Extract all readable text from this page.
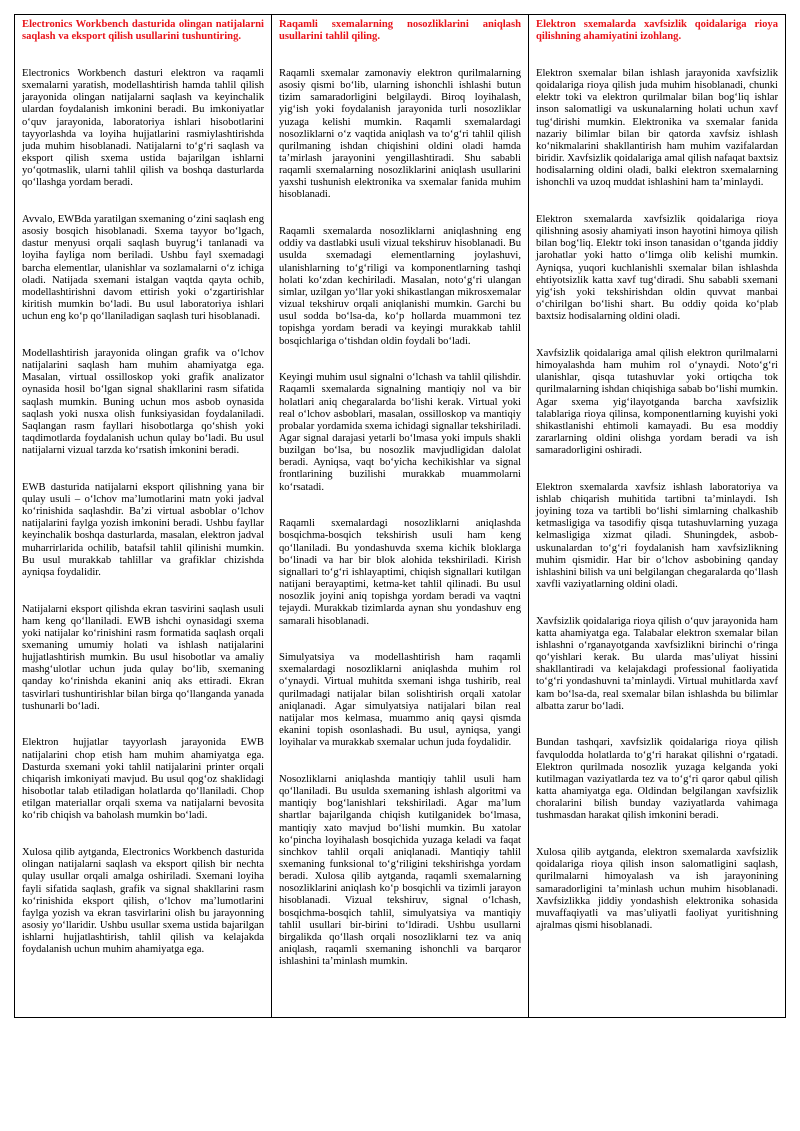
Electronics Workbench dasturida olingan natijalarni saqlash va eksport qilish usullarini tushuntiring.

Electronics Workbench dasturi elektron va raqamli sxemalarni yaratish, modellashtirish hamda tahlil qilish jarayonida olingan natijalarni saqlash va keyinchalik ulardan foydalanish imkonini beradi. Bu imkoniyatlar o‘quv jarayonida, laboratoriya ishlari hisobotlarini tayyorlashda va loyiha hujjatlarini rasmiylashtirishda juda muhim hisoblanadi. Natijalarni to‘g‘ri saqlash va eksport qilish sxema ustida bajarilgan ishlarni yo‘qotmaslik, ularni tahlil qilish va boshqa dasturlarda qo‘llashga yordam beradi.

Avvalo, EWBda yaratilgan sxemaning o‘zini saqlash eng asosiy bosqich hisoblanadi. Sxema tayyor bo‘lgach, dastur menyusi orqali saqlash buyrug‘i tanlanadi va loyiha fayliga nom beriladi. Ushbu fayl sxemadagi barcha elementlar, ulanishlar va sozlamalarni o‘z ichiga oladi. Natijada sxemani istalgan vaqtda qayta ochib, modellashtirishni davom ettirish yoki o‘zgartirishlar kiritish mumkin bo‘ladi. Bu usul laboratoriya ishlari uchun eng ko‘p qo‘llaniladigan saqlash turi hisoblanadi.

Modellashtirish jarayonida olingan grafik va o‘lchov natijalarini saqlash ham muhim ahamiyatga ega. Masalan, virtual ossilloskop yoki grafik analizator oynasida hosil bo‘lgan signal shakllarini rasm sifatida saqlash mumkin. Buning uchun mos asbob oynasida saqlash yoki nusxa olish funksiyasidan foydalaniladi. Saqlangan rasm fayllari hisobotlarga qo‘shish yoki taqdimotlarda foydalanish uchun qulay bo‘ladi. Bu usul natijalarni vizual tarzda ko‘rsatish imkonini beradi.

EWB dasturida natijalarni eksport qilishning yana bir qulay usuli – o‘lchov ma’lumotlarini matn yoki jadval ko‘rinishida saqlashdir. Ba’zi virtual asboblar o‘lchov natijalarini faylga yozish imkonini beradi. Ushbu fayllar keyinchalik boshqa dasturlarda, masalan, elektron jadval muharrirlarida ochilib, batafsil tahlil qilinishi mumkin. Bu usul murakkab tahlillar va grafiklar chizishda ayniqsa foydalidir.

Natijalarni eksport qilishda ekran tasvirini saqlash usuli ham keng qo‘llaniladi. EWB ishchi oynasidagi sxema yoki natijalar ko‘rinishini rasm formatida saqlash orqali sxemaning umumiy holati va ishlash natijalarini hujjatlashtirish mumkin. Bu usul hisobotlar va amaliy mashg‘ulotlar uchun juda qulay bo‘lib, sxemaning qanday ko‘rinishda ekanini aniq aks ettiradi. Ekran tasvirlari tushuntirishlar bilan birga qo‘llanganda yanada tushunarli bo‘ladi.

Elektron hujjatlar tayyorlash jarayonida EWB natijalarini chop etish ham muhim ahamiyatga ega. Dasturda sxemani yoki tahlil natijalarini printer orqali chiqarish imkoniyati mavjud. Bu usul qog‘oz shaklidagi hisobotlar talab etiladigan holatlarda qo‘llaniladi. Chop etilgan materiallar orqali sxema va natijalarni bevosita ko‘rib chiqish va baholash mumkin bo‘ladi.

Xulosa qilib aytganda, Electronics Workbench dasturida olingan natijalarni saqlash va eksport qilish bir nechta qulay usullar orqali amalga oshiriladi. Sxemani loyiha fayli sifatida saqlash, grafik va signal shakllarini rasm ko‘rinishida eksport qilish, o‘lchov ma’lumotlarini faylga yozish va ekran tasvirlarini olish bu jarayonning asosiy yo‘llaridir. Ushbu usullar sxema ustida bajarilgan ishlarni hujjatlashtirish, tahlil qilish va kelajakda foydalanish uchun muhim ahamiyatga ega.

Raqamli sxemalarning nosozliklarini aniqlash usullarini tahlil qiling.

Raqamli sxemalar zamonaviy elektron qurilmalarning asosiy qismi bo‘lib, ularning ishonchli ishlashi butun tizim samaradorligini belgilaydi. Biroq loyihalash, yig‘ish yoki foydalanish jarayonida turli nosozliklar yuzaga kelishi mumkin. Raqamli sxemalardagi nosozliklarni o‘z vaqtida aniqlash va to‘g‘ri tahlil qilish qurilmaning ishdan chiqishini oldini oladi hamda ta’mirlash jarayonini yengillashtiradi. Shu sababli raqamli sxemalarning nosozliklarini aniqlash usullarini yaxshi tushunish elektronika va sxemalar fanida muhim hisoblanadi.

Raqamli sxemalarda nosozliklarni aniqlashning eng oddiy va dastlabki usuli vizual tekshiruv hisoblanadi. Bu usulda sxemadagi elementlarning joylashuvi, ulanishlarning to‘g‘riligi va komponentlarning tashqi holati ko‘zdan kechiriladi. Masalan, noto‘g‘ri ulangan simlar, uzilgan yo‘llar yoki shikastlangan mikrosxemalar vizual tekshiruv orqali aniqlanishi mumkin. Garchi bu usul sodda bo‘lsa-da, ko‘p hollarda muammoni tez topishga yordam beradi va keyingi murakkab tahlil bosqichlariga o‘tishdan oldin foydali bo‘ladi.

Keyingi muhim usul signalni o‘lchash va tahlil qilishdir. Raqamli sxemalarda signalning mantiqiy nol va bir holatlari aniq chegaralarda bo‘lishi kerak. Virtual yoki real o‘lchov asboblari, masalan, ossilloskop va mantiqiy probalar yordamida sxema ichidagi signallar tekshiriladi. Agar signal darajasi yetarli bo‘lmasa yoki impuls shakli buzilgan bo‘lsa, bu nosozlik mavjudligidan dalolat beradi. Ayniqsa, vaqt bo‘yicha kechikishlar va signal frontlarining buzilishi murakkab muammolarni ko‘rsatadi.

Raqamli sxemalardagi nosozliklarni aniqlashda bosqichma-bosqich tekshirish usuli ham keng qo‘llaniladi. Bu yondashuvda sxema kichik bloklarga bo‘linadi va har bir blok alohida tekshiriladi. Kirish signallari to‘g‘ri ishlayaptimi, chiqish signallari kutilgan natijani berayaptimi, ketma-ket tahlil qilinadi. Bu usul nosozlik joyini aniq topishga yordam beradi va vaqtni tejaydi. Murakkab tizimlarda aynan shu yondashuv eng samarali hisoblanadi.

Simulyatsiya va modellashtirish ham raqamli sxemalardagi nosozliklarni aniqlashda muhim rol o‘ynaydi. Virtual muhitda sxemani ishga tushirib, real qurilmadagi natijalar bilan solishtirish orqali xatolar aniqlanadi. Agar simulyatsiya natijalari bilan real natijalar mos kelmasa, muammo aniq qaysi qismda ekanini topish osonlashadi. Bu usul, ayniqsa, yangi loyihalar va murakkab sxemalar uchun juda foydalidir.

Nosozliklarni aniqlashda mantiqiy tahlil usuli ham qo‘llaniladi. Bu usulda sxemaning ishlash algoritmi va mantiqiy bog‘lanishlari tekshiriladi. Agar ma’lum shartlar bajarilganda chiqish kutilganidek bo‘lmasa, mantiqiy xato mavjud bo‘lishi mumkin. Bu xatolar ko‘pincha loyihalash bosqichida yuzaga keladi va faqat sinchkov tahlil orqali aniqlanadi. Mantiqiy tahlil sxemaning funksional to‘g‘riligini tekshirishga yordam beradi. Xulosa qilib aytganda, raqamli sxemalarning nosozliklarini aniqlash ko‘p bosqichli va tizimli jarayon hisoblanadi. Vizual tekshiruv, signal o‘lchash, bosqichma-bosqich tahlil, simulyatsiya va mantiqiy tahlil usullari bir-birini to‘ldiradi. Ushbu usullarni birgalikda qo‘llash orqali nosozliklarni tez va aniq aniqlash, raqamli sxemaning ishonchli va barqaror ishlashini ta’minlash mumkin.

Elektron sxemalarda xavfsizlik qoidalariga rioya qilishning ahamiyatini izohlang.

Elektron sxemalar bilan ishlash jarayonida xavfsizlik qoidalariga rioya qilish juda muhim hisoblanadi, chunki elektr toki va elektron qurilmalar bilan bog‘liq ishlar inson salomatligi va uskunalarning holati uchun xavf tug‘dirishi mumkin. Elektronika va sxemalar fanida nazariy bilimlar bilan bir qatorda xavfsiz ishlash ko‘nikmalarini shakllantirish ham muhim vazifalardan biridir. Xavfsizlik qoidalariga amal qilish nafaqat baxtsiz hodisalarning oldini oladi, balki elektron sxemalarning ishonchli va uzoq muddat ishlashini ham ta’minlaydi.

Elektron sxemalarda xavfsizlik qoidalariga rioya qilishning asosiy ahamiyati inson hayotini himoya qilish bilan bog‘liq. Elektr toki inson tanasidan o‘tganda jiddiy jarohatlar yoki hatto o‘limga olib kelishi mumkin. Ayniqsa, yuqori kuchlanishli sxemalar bilan ishlashda ehtiyotsizlik katta xavf tug‘diradi. Shu sababli sxemani yig‘ish yoki tekshirishdan oldin quvvat manbai o‘chirilgan bo‘lishi shart. Bu oddiy qoida ko‘plab baxtsiz hodisalarning oldini oladi.

Xavfsizlik qoidalariga amal qilish elektron qurilmalarni himoyalashda ham muhim rol o‘ynaydi. Noto‘g‘ri ulanishlar, qisqa tutashuvlar yoki ortiqcha tok qurilmalarning ishdan chiqishiga sabab bo‘lishi mumkin. Agar sxema yig‘ilayotganda barcha xavfsizlik talablariga rioya qilinsa, komponentlarning kuyishi yoki shikastlanishi ehtimoli kamayadi. Bu esa moddiy zararlarning oldini olishga yordam beradi va ish samaradorligini oshiradi.

Elektron sxemalarda xavfsiz ishlash laboratoriya va ishlab chiqarish muhitida tartibni ta’minlaydi. Ish joyining toza va tartibli bo‘lishi simlarning chalkashib ketmasligiga va tasodifiy qisqa tutashuvlarning yuzaga kelmasligiga xizmat qiladi. Shuningdek, asbob-uskunalardan to‘g‘ri foydalanish ham xavfsizlikning muhim qismidir. Har bir o‘lchov asbobining qanday ishlashini bilish va uni belgilangan chegaralarda qo‘llash xavfli vaziyatlarning oldini oladi.

Xavfsizlik qoidalariga rioya qilish o‘quv jarayonida ham katta ahamiyatga ega. Talabalar elektron sxemalar bilan ishlashni o‘rganayotganda xavfsizlikni birinchi o‘ringa qo‘yishlari kerak. Bu ularda mas’uliyat hissini shakllantiradi va kelajakdagi professional faoliyatida to‘g‘ri yondashuvni ta’minlaydi. Virtual muhitlarda xavf kam bo‘lsa-da, real sxemalar bilan ishlashda bu bilimlar albatta zarur bo‘ladi.

Bundan tashqari, xavfsizlik qoidalariga rioya qilish favqulodda holatlarda to‘g‘ri harakat qilishni o‘rgatadi. Elektron qurilmada nosozlik yuzaga kelganda yoki kutilmagan vaziyatlarda tez va to‘g‘ri qaror qabul qilish katta ahamiyatga ega. Oldindan belgilangan xavfsizlik choralarini bilish bunday vaziyatlarda vahimaga tushmasdan harakat qilish imkonini beradi.

Xulosa qilib aytganda, elektron sxemalarda xavfsizlik qoidalariga rioya qilish inson salomatligini saqlash, qurilmalarni himoyalash va ish jarayonining samaradorligini ta’minlash uchun muhim hisoblanadi. Xavfsizlikka jiddiy yondashish elektronika sohasida muvaffaqiyatli va mas’uliyatli faoliyat yuritishning ajralmas qismi hisoblanadi.
